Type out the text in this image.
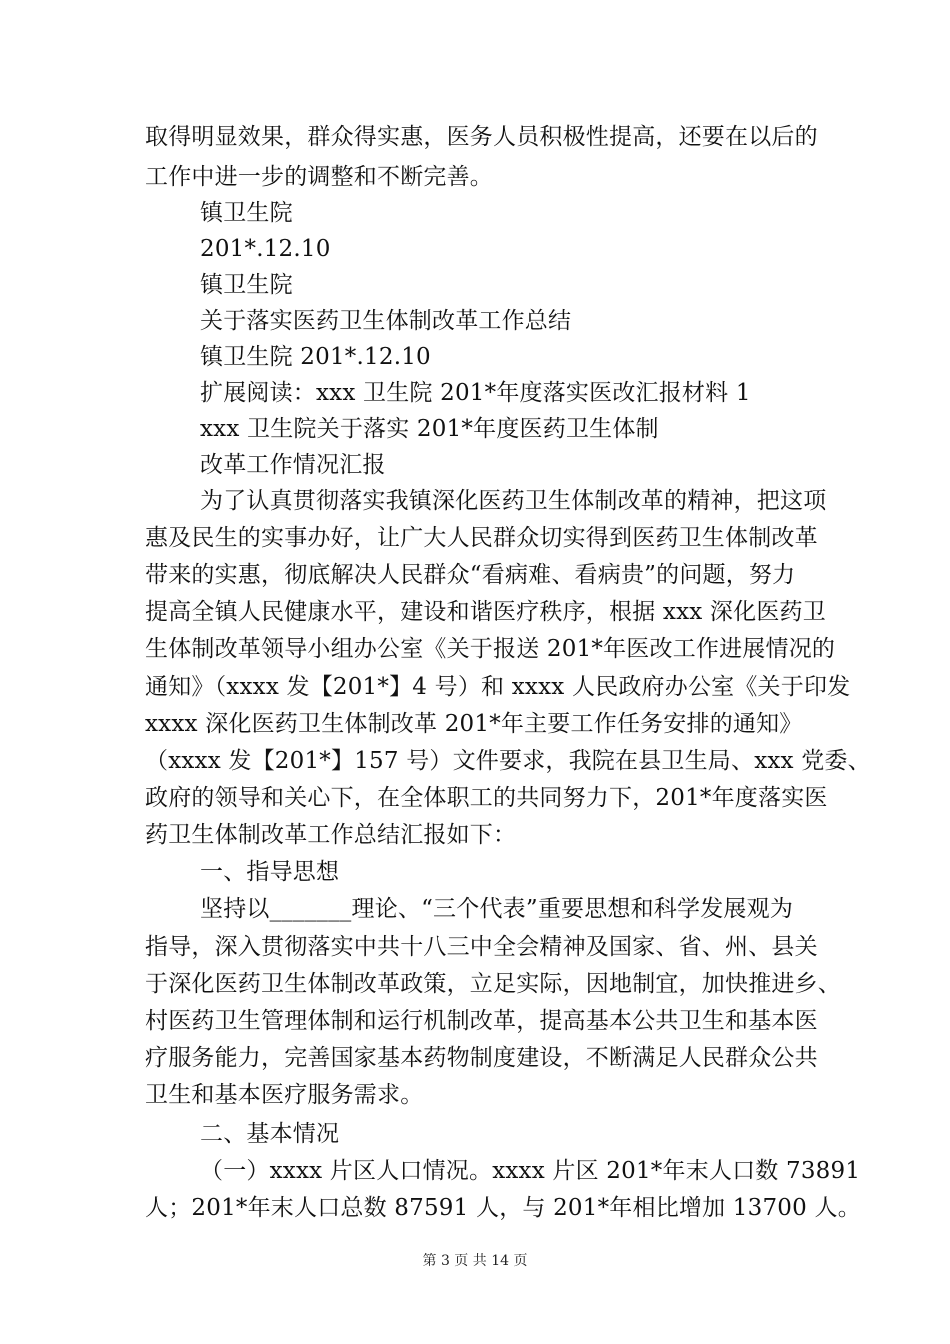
取得明显效果，群众得实惠，医务人员积极性提高，还要在以后的
工作中进一步的调整和不断完善。
镇卫生院
201*.12.10
镇卫生院
关于落实医药卫生体制改革工作总结
镇卫生院 201*.12.10
扩展阅读：xxx 卫生院 201*年度落实医改汇报材料 1
xxx 卫生院关于落实 201*年度医药卫生体制
改革工作情况汇报
为了认真贯彻落实我镇深化医药卫生体制改革的精神，把这项
惠及民生的实事办好，让广大人民群众切实得到医药卫生体制改革
带来的实惠，彻底解决人民群众“看病难、看病贵”的问题，努力
提高全镇人民健康水平，建设和谐医疗秩序，根据 xxx 深化医药卫
生体制改革领导小组办公室《关于报送 201*年医改工作进展情况的
通知》（xxxx 发【201*】4 号）和 xxxx 人民政府办公室《关于印发
xxxx 深化医药卫生体制改革 201*年主要工作任务安排的通知》
（xxxx 发【201*】157 号）文件要求，我院在县卫生局、xxx 党委、
政府的领导和关心下，在全体职工的共同努力下，201*年度落实医
药卫生体制改革工作总结汇报如下：
一、指导思想
坚持以_______理论、“三个代表”重要思想和科学发展观为
指导，深入贯彻落实中共十八三中全会精神及国家、省、州、县关
于深化医药卫生体制改革政策，立足实际，因地制宜，加快推进乡、
村医药卫生管理体制和运行机制改革，提高基本公共卫生和基本医
疗服务能力，完善国家基本药物制度建设，不断满足人民群众公共
卫生和基本医疗服务需求。
二、基本情况
（一）xxxx 片区人口情况。xxxx 片区 201*年末人口数 73891
人；201*年末人口总数 87591 人，与 201*年相比增加 13700 人。
第 3 页 共 14 页
